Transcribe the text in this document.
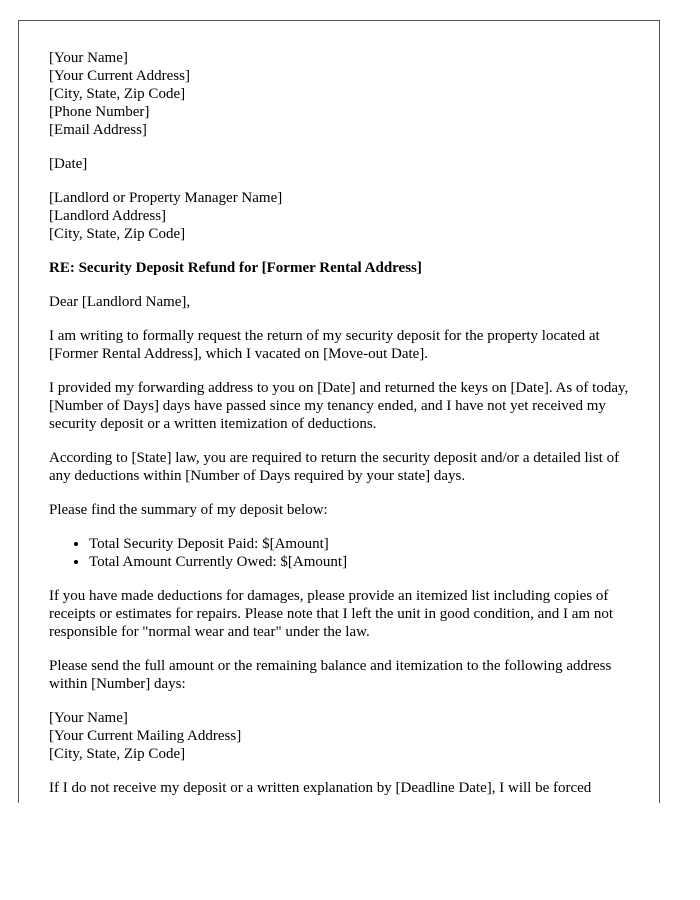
[Your Name]
[Your Current Address]
[City, State, Zip Code]
[Phone Number]
[Email Address]
[Date]
[Landlord or Property Manager Name]
[Landlord Address]
[City, State, Zip Code]
RE: Security Deposit Refund for [Former Rental Address]

Dear [Landlord Name],

I am writing to formally request the return of my security deposit for the property located at [Former Rental Address], which I vacated on [Move-out Date].

I provided my forwarding address to you on [Date] and returned the keys on [Date]. As of today, [Number of Days] days have passed since my tenancy ended, and I have not yet received my security deposit or a written itemization of deductions.

According to [State] law, you are required to return the security deposit and/or a detailed list of any deductions within [Number of Days required by your state] days.

Please find the summary of my deposit below:

• Total Security Deposit Paid: $[Amount]
• Total Amount Currently Owed: $[Amount]

If you have made deductions for damages, please provide an itemized list including copies of receipts or estimates for repairs. Please note that I left the unit in good condition, and I am not responsible for "normal wear and tear" under the law.

Please send the full amount or the remaining balance and itemization to the following address within [Number] days:

[Your Name]
[Your Current Mailing Address]
[City, State, Zip Code]

If I do not receive my deposit or a written explanation by [Deadline Date], I will be forced
